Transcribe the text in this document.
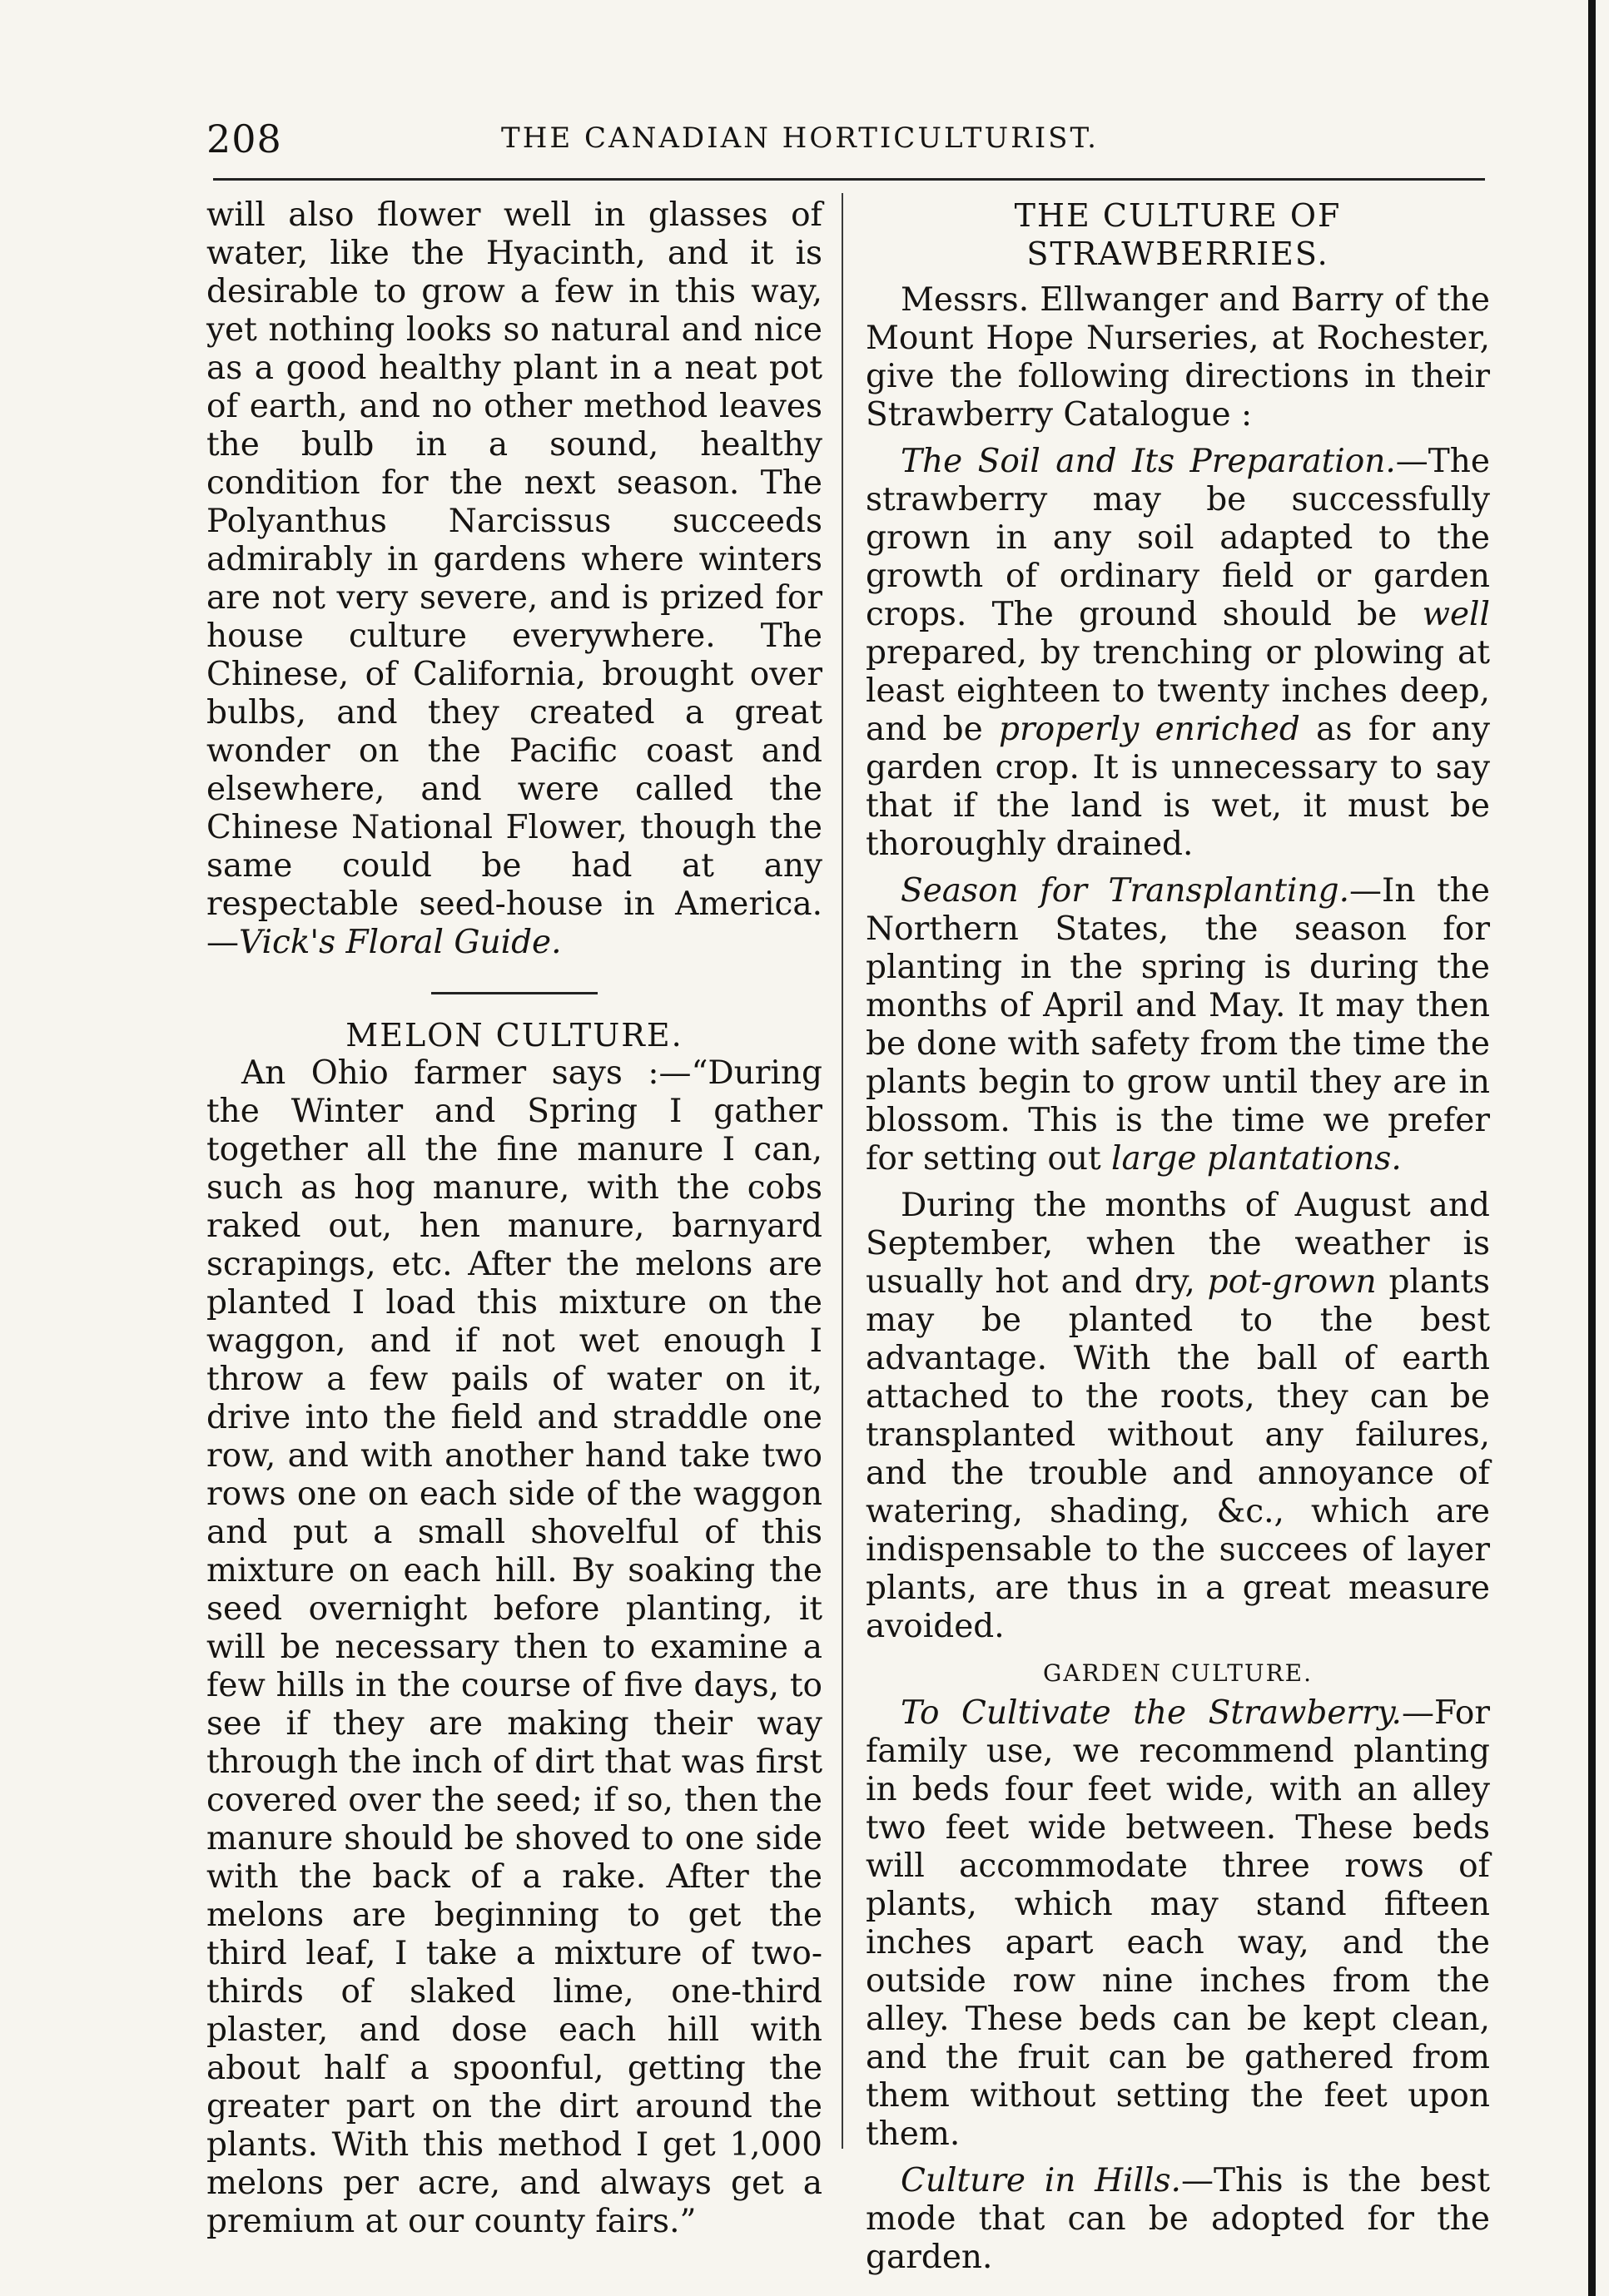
208	THE CANADIAN HORTICULTURIST.

will also flower well in glasses of water, like the Hyacinth, and it is desirable to grow a few in this way, yet nothing looks so natural and nice as a good healthy plant in a neat pot of earth, and no other method leaves the bulb in a sound, healthy condition for the next season. The Polyanthus Narcissus succeeds admirably in gardens where winters are not very severe, and is prized for house culture everywhere. The Chinese, of California, brought over bulbs, and they created a great wonder on the Pacific coast and elsewhere, and were called the Chinese National Flower, though the same could be had at any respectable seed-house in America.—Vick's Floral Guide.

MELON CULTURE.

An Ohio farmer says :—“During the Winter and Spring I gather together all the fine manure I can, such as hog manure, with the cobs raked out, hen manure, barnyard scrapings, etc. After the melons are planted I load this mixture on the waggon, and if not wet enough I throw a few pails of water on it, drive into the field and straddle one row, and with another hand take two rows one on each side of the waggon and put a small shovelful of this mixture on each hill. By soaking the seed overnight before planting, it will be necessary then to examine a few hills in the course of five days, to see if they are making their way through the inch of dirt that was first covered over the seed; if so, then the manure should be shoved to one side with the back of a rake. After the melons are beginning to get the third leaf, I take a mixture of two-thirds of slaked lime, one-third plaster, and dose each hill with about half a spoonful, getting the greater part on the dirt around the plants. With this method I get 1,000 melons per acre, and always get a premium at our county fairs.”

THE CULTURE OF STRAWBERRIES.

Messrs. Ellwanger and Barry of the Mount Hope Nurseries, at Rochester, give the following directions in their Strawberry Catalogue :

The Soil and Its Preparation.—The strawberry may be successfully grown in any soil adapted to the growth of ordinary field or garden crops. The ground should be well prepared, by trenching or plowing at least eighteen to twenty inches deep, and be properly enriched as for any garden crop. It is unnecessary to say that if the land is wet, it must be thoroughly drained.

Season for Transplanting.—In the Northern States, the season for planting in the spring is during the months of April and May. It may then be done with safety from the time the plants begin to grow until they are in blossom. This is the time we prefer for setting out large plantations.

During the months of August and September, when the weather is usually hot and dry, pot-grown plants may be planted to the best advantage. With the ball of earth attached to the roots, they can be transplanted without any failures, and the trouble and annoyance of watering, shading, &c., which are indispensable to the succees of layer plants, are thus in a great measure avoided.

GARDEN CULTURE.

To Cultivate the Strawberry.—For family use, we recommend planting in beds four feet wide, with an alley two feet wide between. These beds will accommodate three rows of plants, which may stand fifteen inches apart each way, and the outside row nine inches from the alley. These beds can be kept clean, and the fruit can be gathered from them without setting the feet upon them.

Culture in Hills.—This is the best mode that can be adopted for the garden.
